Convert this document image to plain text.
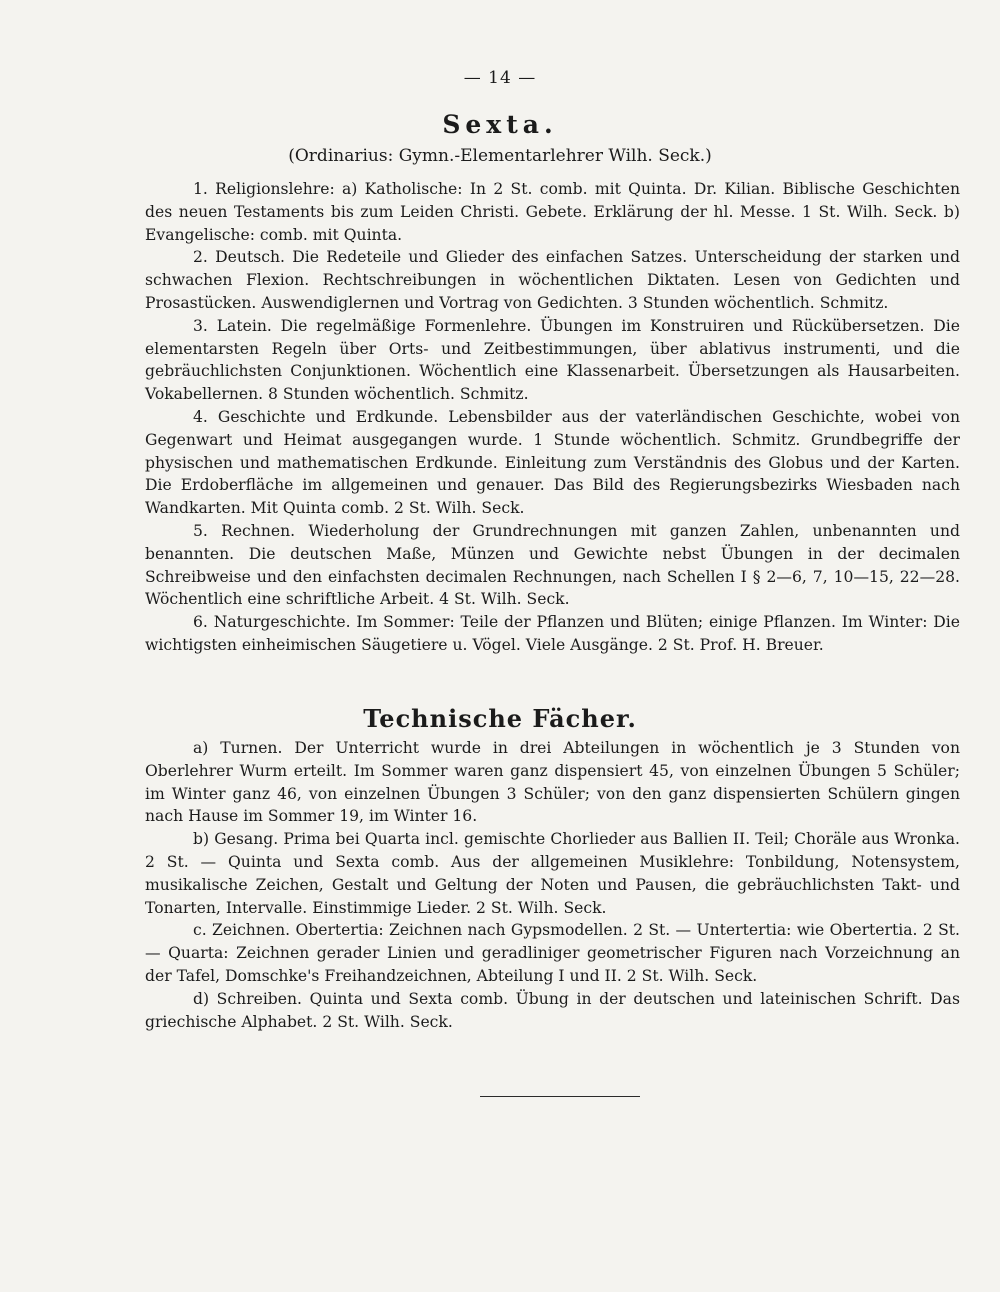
— 14 —
Sexta.
(Ordinarius: Gymn.-Elementarlehrer Wilh. Seck.)

1. Religionslehre: a) Katholische: In 2 St. comb. mit Quinta. Dr. Kilian. Biblische Geschichten des neuen Testaments bis zum Leiden Christi. Gebete. Erklärung der hl. Messe. 1 St. Wilh. Seck. b) Evangelische: comb. mit Quinta.

2. Deutsch. Die Redeteile und Glieder des einfachen Satzes. Unterscheidung der starken und schwachen Flexion. Rechtschreibungen in wöchentlichen Diktaten. Lesen von Gedichten und Prosastücken. Auswendiglernen und Vortrag von Gedichten. 3 Stunden wöchentlich. Schmitz.

3. Latein. Die regelmäßige Formenlehre. Übungen im Konstruiren und Rückübersetzen. Die elementarsten Regeln über Orts- und Zeitbestimmungen, über ablativus instrumenti, und die gebräuchlichsten Conjunktionen. Wöchentlich eine Klassenarbeit. Übersetzungen als Hausarbeiten. Vokabellernen. 8 Stunden wöchentlich. Schmitz.

4. Geschichte und Erdkunde. Lebensbilder aus der vaterländischen Geschichte, wobei von Gegenwart und Heimat ausgegangen wurde. 1 Stunde wöchentlich. Schmitz. Grundbegriffe der physischen und mathematischen Erdkunde. Einleitung zum Verständnis des Globus und der Karten. Die Erdoberfläche im allgemeinen und genauer. Das Bild des Regierungsbezirks Wiesbaden nach Wandkarten. Mit Quinta comb. 2 St. Wilh. Seck.

5. Rechnen. Wiederholung der Grundrechnungen mit ganzen Zahlen, unbenannten und benannten. Die deutschen Maße, Münzen und Gewichte nebst Übungen in der decimalen Schreibweise und den einfachsten decimalen Rechnungen, nach Schellen I § 2—6, 7, 10—15, 22—28. Wöchentlich eine schriftliche Arbeit. 4 St. Wilh. Seck.

6. Naturgeschichte. Im Sommer: Teile der Pflanzen und Blüten; einige Pflanzen. Im Winter: Die wichtigsten einheimischen Säugetiere u. Vögel. Viele Ausgänge. 2 St. Prof. H. Breuer.

Technische Fächer.

a) Turnen. Der Unterricht wurde in drei Abteilungen in wöchentlich je 3 Stunden von Oberlehrer Wurm erteilt. Im Sommer waren ganz dispensiert 45, von einzelnen Übungen 5 Schüler; im Winter ganz 46, von einzelnen Übungen 3 Schüler; von den ganz dispensierten Schülern gingen nach Hause im Sommer 19, im Winter 16.

b) Gesang. Prima bei Quarta incl. gemischte Chorlieder aus Ballien II. Teil; Choräle aus Wronka. 2 St. — Quinta und Sexta comb. Aus der allgemeinen Musiklehre: Tonbildung, Notensystem, musikalische Zeichen, Gestalt und Geltung der Noten und Pausen, die gebräuchlichsten Takt- und Tonarten, Intervalle. Einstimmige Lieder. 2 St. Wilh. Seck.

c. Zeichnen. Obertertia: Zeichnen nach Gypsmodellen. 2 St. — Untertertia: wie Obertertia. 2 St. — Quarta: Zeichnen gerader Linien und geradliniger geometrischer Figuren nach Vorzeichnung an der Tafel, Domschke's Freihandzeichnen, Abteilung I und II. 2 St. Wilh. Seck.

d) Schreiben. Quinta und Sexta comb. Übung in der deutschen und lateinischen Schrift. Das griechische Alphabet. 2 St. Wilh. Seck.
